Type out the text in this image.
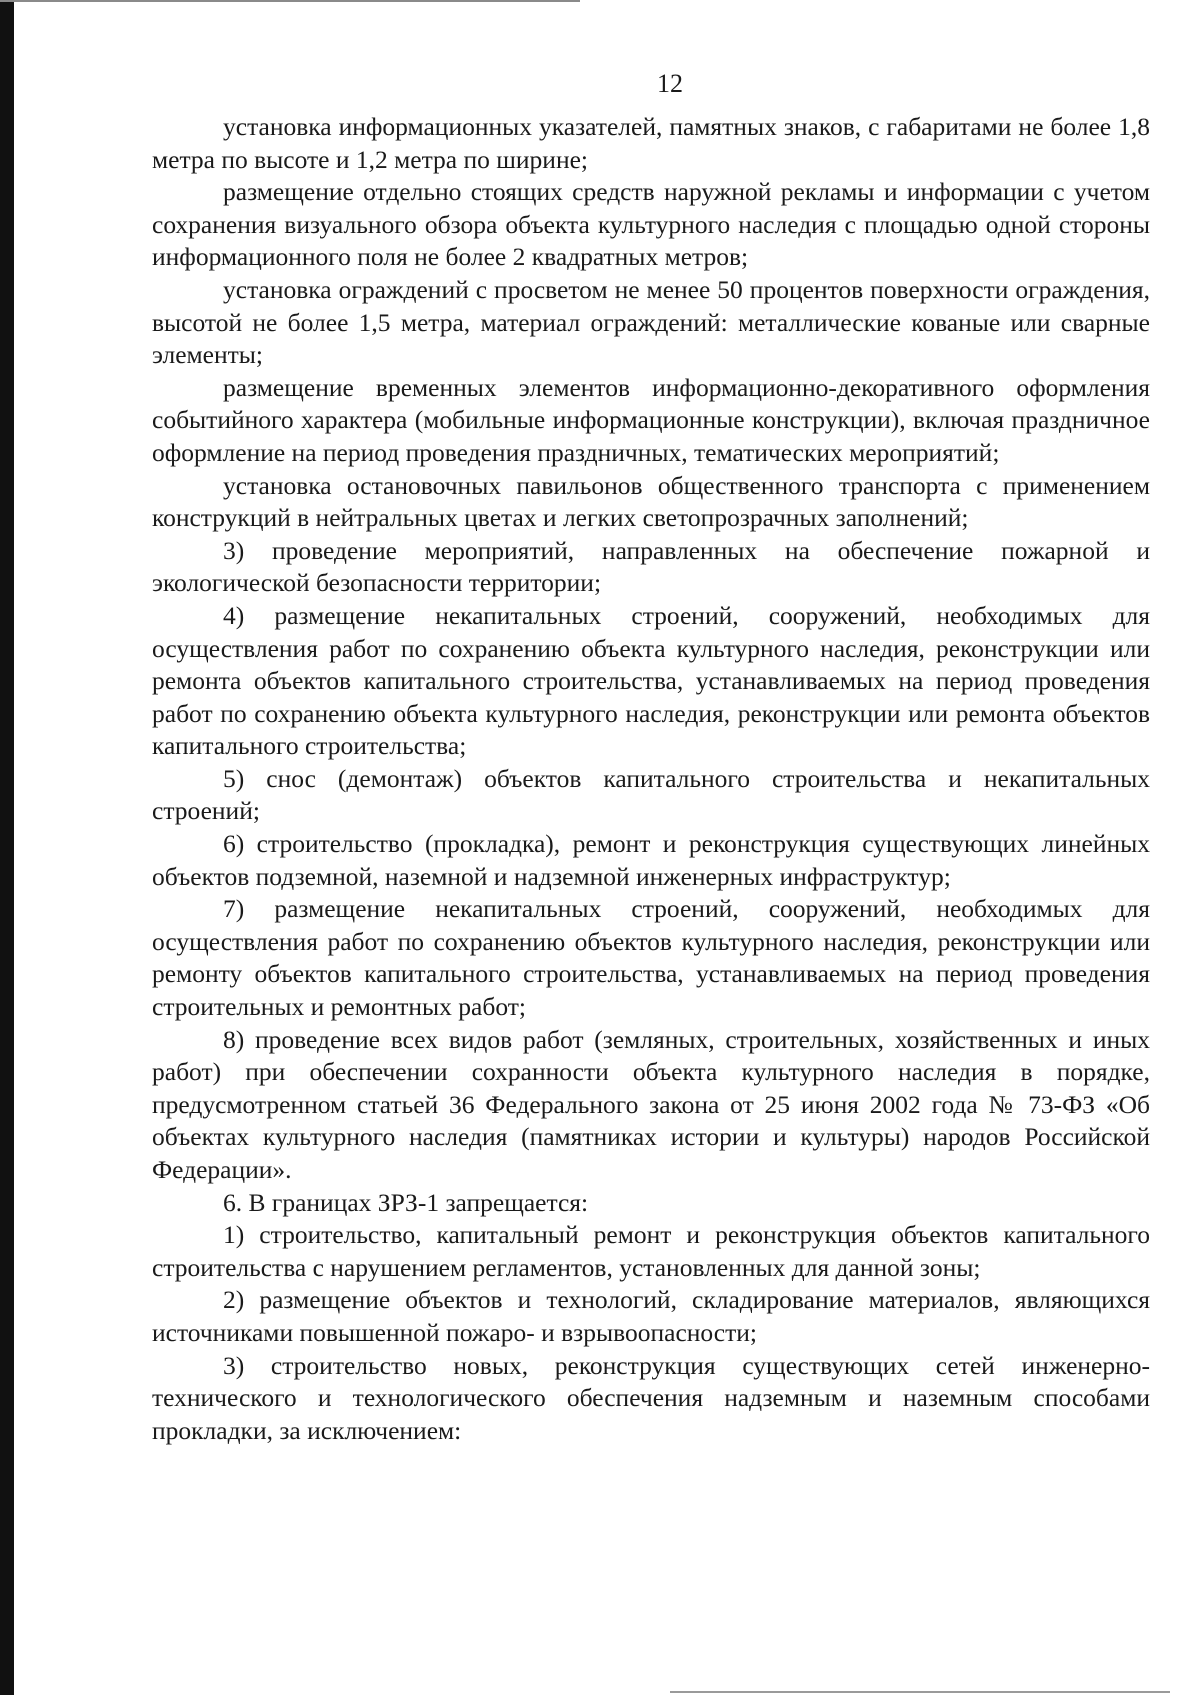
12

установка информационных указателей, памятных знаков, с габаритами не более 1,8 метра по высоте и 1,2 метра по ширине;

размещение отдельно стоящих средств наружной рекламы и информации с учетом сохранения визуального обзора объекта культурного наследия с площадью одной стороны информационного поля не более 2 квадратных метров;

установка ограждений с просветом не менее 50 процентов поверхности ограждения, высотой не более 1,5 метра, материал ограждений: металлические кованые или сварные элементы;

размещение временных элементов информационно-декоративного оформления событийного характера (мобильные информационные конструкции), включая праздничное оформление на период проведения праздничных, тематических мероприятий;

установка остановочных павильонов общественного транспорта с применением конструкций в нейтральных цветах и легких светопрозрачных заполнений;

3) проведение мероприятий, направленных на обеспечение пожарной и экологической безопасности территории;

4) размещение некапитальных строений, сооружений, необходимых для осуществления работ по сохранению объекта культурного наследия, реконструкции или ремонта объектов капитального строительства, устанавливаемых на период проведения работ по сохранению объекта культурного наследия, реконструкции или ремонта объектов капитального строительства;

5) снос (демонтаж) объектов капитального строительства и некапитальных строений;

6) строительство (прокладка), ремонт и реконструкция существующих линейных объектов подземной, наземной и надземной инженерных инфраструктур;

7) размещение некапитальных строений, сооружений, необходимых для осуществления работ по сохранению объектов культурного наследия, реконструкции или ремонту объектов капитального строительства, устанавливаемых на период проведения строительных и ремонтных работ;

8) проведение всех видов работ (земляных, строительных, хозяйственных и иных работ) при обеспечении сохранности объекта культурного наследия в порядке, предусмотренном статьей 36 Федерального закона от 25 июня 2002 года № 73-ФЗ «Об объектах культурного наследия (памятниках истории и культуры) народов Российской Федерации».

6. В границах ЗРЗ-1 запрещается:

1) строительство, капитальный ремонт и реконструкция объектов капитального строительства с нарушением регламентов, установленных для данной зоны;

2) размещение объектов и технологий, складирование материалов, являющихся источниками повышенной пожаро- и взрывоопасности;

3) строительство новых, реконструкция существующих сетей инженерно-технического и технологического обеспечения надземным и наземным способами прокладки, за исключением:
